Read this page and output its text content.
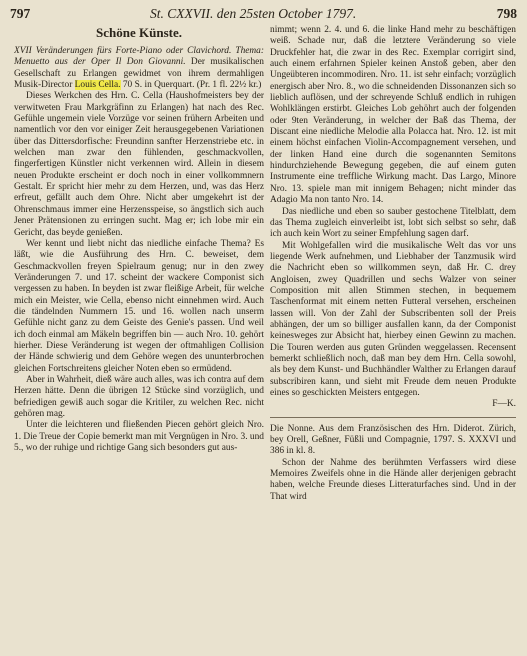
797	St. CXXVII. den 25sten October 1797.	798
Schöne Künste.

XVII Veränderungen fürs Forte-Piano oder Clavichord. Thema: Menuetto aus der Oper Il Don Giovanni. Der musikalischen Gesellschaft zu Erlangen gewidmet von ihrem dermahligen Musik-Director Louis Cella. 70 S. in Querquart. (Pr. 1 fl. 22½ kr.)

Dieses Werkchen des Hrn. C. Cella (Haushofmeisters bey der verwitweten Frau Markgräfinn zu Erlangen) hat nach des Rec. Gefühle ungemein viele Vorzüge vor seinen frühern Arbeiten und namentlich vor den vor einiger Zeit herausgegebenen Variationen über das Dittersdorfische: Freundinn sanfter Herzenstriebe etc. in welchen man zwar den fühlenden, geschmackvollen, fingerfertigen Künstler nicht verkennen wird. Allein in diesem neuen Produkte erscheint er doch noch in einer vollkommnern Gestalt. Er spricht hier mehr zu dem Herzen, und, was das Herz erfreut, gefällt auch dem Ohre. Nicht aber umgekehrt ist der Ohrenschmaus immer eine Herzensspeise, so ängstlich sich auch Jener Prätensionen zu erringen sucht. Mag er; ich lobe mir ein Gericht, das beyde genießen.

Wer kennt und liebt nicht das niedliche einfache Thema? Es läßt, wie die Ausführung des Hrn. C. beweiset, dem Geschmackvollen freyen Spielraum genug; nur in den zwey Veränderungen 7. und 17. scheint der wackere Componist sich vergessen zu haben. In beyden ist zwar fleißige Arbeit, für welche mich ein Meister, wie Cella, ebenso nicht einnehmen wird. Auch die tändelnden Nummern 15. und 16. wollen nach unserm Gefühle nicht ganz zu dem Geiste des Genie's passen. Und weil ich doch einmal am Mäkeln begriffen bin — auch Nro. 10. gehört hierher. Diese Veränderung ist wegen der oftmahligen Collision der Hände schwierig und dem Gehöre wegen des ununterbrochen gleichen Fortschreitens gleicher Noten eben so ermüdend.

Aber in Wahrheit, dieß wäre auch alles, was ich contra auf dem Herzen hätte. Denn die übrigen 12 Stücke sind vorzüglich, und befriedigen gewiß auch sogar die Kritiler, zu welchen Rec. nicht gehören mag.

Unter die leichteren und fließenden Piecen gehört gleich Nro. 1. Die Treue der Copie bemerkt man mit Vergnügen in Nro. 3. und 5., wo der ruhige und richtige Gang sich besonders gut aus-

nimmt; wenn 2. 4. und 6. die linke Hand mehr zu beschäftigen weiß. Schade nur, daß die letztere Veränderung so viele Druckfehler hat, die zwar in des Rec. Exemplar corrigirt sind, auch einem erfahrnen Spieler keinen Anstoß geben, aber den Ungeübteren incommodiren. Nro. 11. ist sehr einfach; vorzüglich energisch aber Nro. 8., wo die schneidenden Dissonanzen sich so lieblich auflösen, und der schreyende Schluß endlich in ruhigen Wohlklängen erstirbt. Gleiches Lob gehöhrt auch der folgenden oder 9ten Veränderung, in welcher der Baß das Thema, der Discant eine niedliche Melodie alla Polacca hat. Nro. 12. ist mit einem höchst einfachen Violin-Accompagnement versehen, und der linken Hand eine durch die sogenannten Semitons hindurchziehende Bewegung gegeben, die auf einem guten Instrumente eine treffliche Wirkung macht. Das Largo, Minore Nro. 13. spiele man mit innigem Behagen; nicht minder das Adagio Ma non tanto Nro. 14.

Das niedliche und eben so sauber gestochene Titelblatt, dem das Thema zugleich einverleibt ist, lobt sich selbst so sehr, daß ich auch kein Wort zu seiner Empfehlung sagen darf.

Mit Wohlgefallen wird die musikalische Welt das vor uns liegende Werk aufnehmen, und Liebhaber der Tanzmusik wird die Nachricht eben so willkommen seyn, daß Hr. C. drey Angloisen, zwey Quadrillen und sechs Walzer von seiner Composition mit allen Stimmen stechen, in bequemem Taschenformat mit einem netten Futteral versehen, erscheinen lassen will. Von der Zahl der Subscribenten soll der Preis abhängen, der um so billiger ausfallen kann, da der Componist keinesweges zur Absicht hat, hierbey einen Gewinn zu machen. Die Touren werden aus guten Gründen weggelassen. Recensent bemerkt schließlich noch, daß man bey dem Hrn. Cella sowohl, als bey dem Kunst- und Buchhändler Walther zu Erlangen darauf subscribiren kann, und sieht mit Freude dem neuen Produkte eines so geschickten Meisters entgegen.

F—K.

Die Nonne. Aus dem Französischen des Hrn. Diderot. Zürich, bey Orell, Geßner, Füßli und Compagnie, 1797. S. XXXVI und 386 in kl. 8.

Schon der Nahme des berühmten Verfassers wird diese Memoires Zweifels ohne in die Hände aller derjenigen gebracht haben, welche Freunde dieses Litteraturfaches sind. Und in der That wird
